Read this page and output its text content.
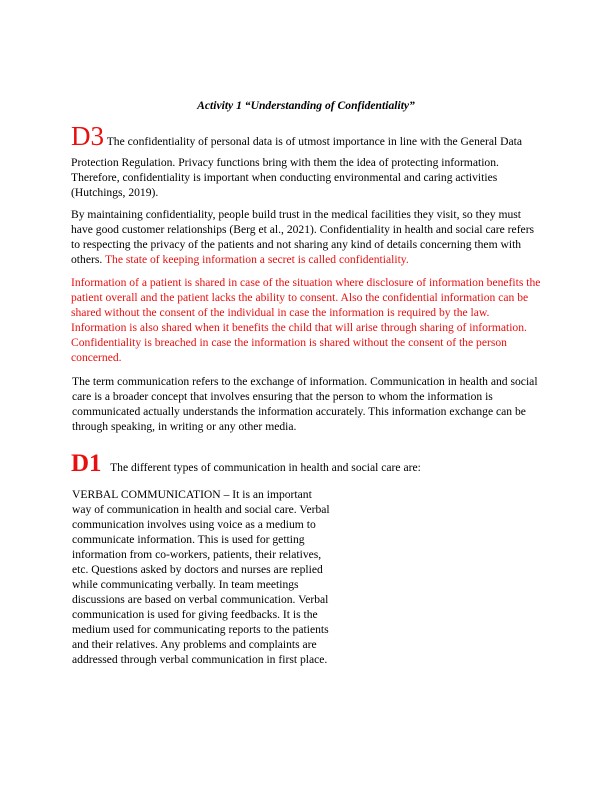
Activity 1 “Understanding of Confidentiality”

D3 The confidentiality of personal data is of utmost importance in line with the General Data
Protection Regulation. Privacy functions bring with them the idea of protecting information. Therefore, confidentiality is important when conducting environmental and caring activities (Hutchings, 2019).

By maintaining confidentiality, people build trust in the medical facilities they visit, so they must have good customer relationships (Berg et al., 2021). Confidentiality in health and social care refers to respecting the privacy of the patients and not sharing any kind of details concerning them with others. The state of keeping information a secret is called confidentiality.

Information of a patient is shared in case of the situation where disclosure of information benefits the patient overall and the patient lacks the ability to consent. Also the confidential information can be shared without the consent of the individual in case the information is required by the law. Information is also shared when it benefits the child that will arise through sharing of information. Confidentiality is breached in case the information is shared without the consent of the person concerned.

The term communication refers to the exchange of information. Communication in health and social care is a broader concept that involves ensuring that the person to whom the information is communicated actually understands the information accurately. This information exchange can be through speaking, in writing or any other media.

D1 The different types of communication in health and social care are:

VERBAL COMMUNICATION – It is an important way of communication in health and social care. Verbal communication involves using voice as a medium to communicate information. This is used for getting information from co-workers, patients, their relatives, etc. Questions asked by doctors and nurses are replied while communicating verbally. In team meetings discussions are based on verbal communication. Verbal communication is used for giving feedbacks. It is the medium used for communicating reports to the patients and their relatives. Any problems and complaints are addressed through verbal communication in first place.
